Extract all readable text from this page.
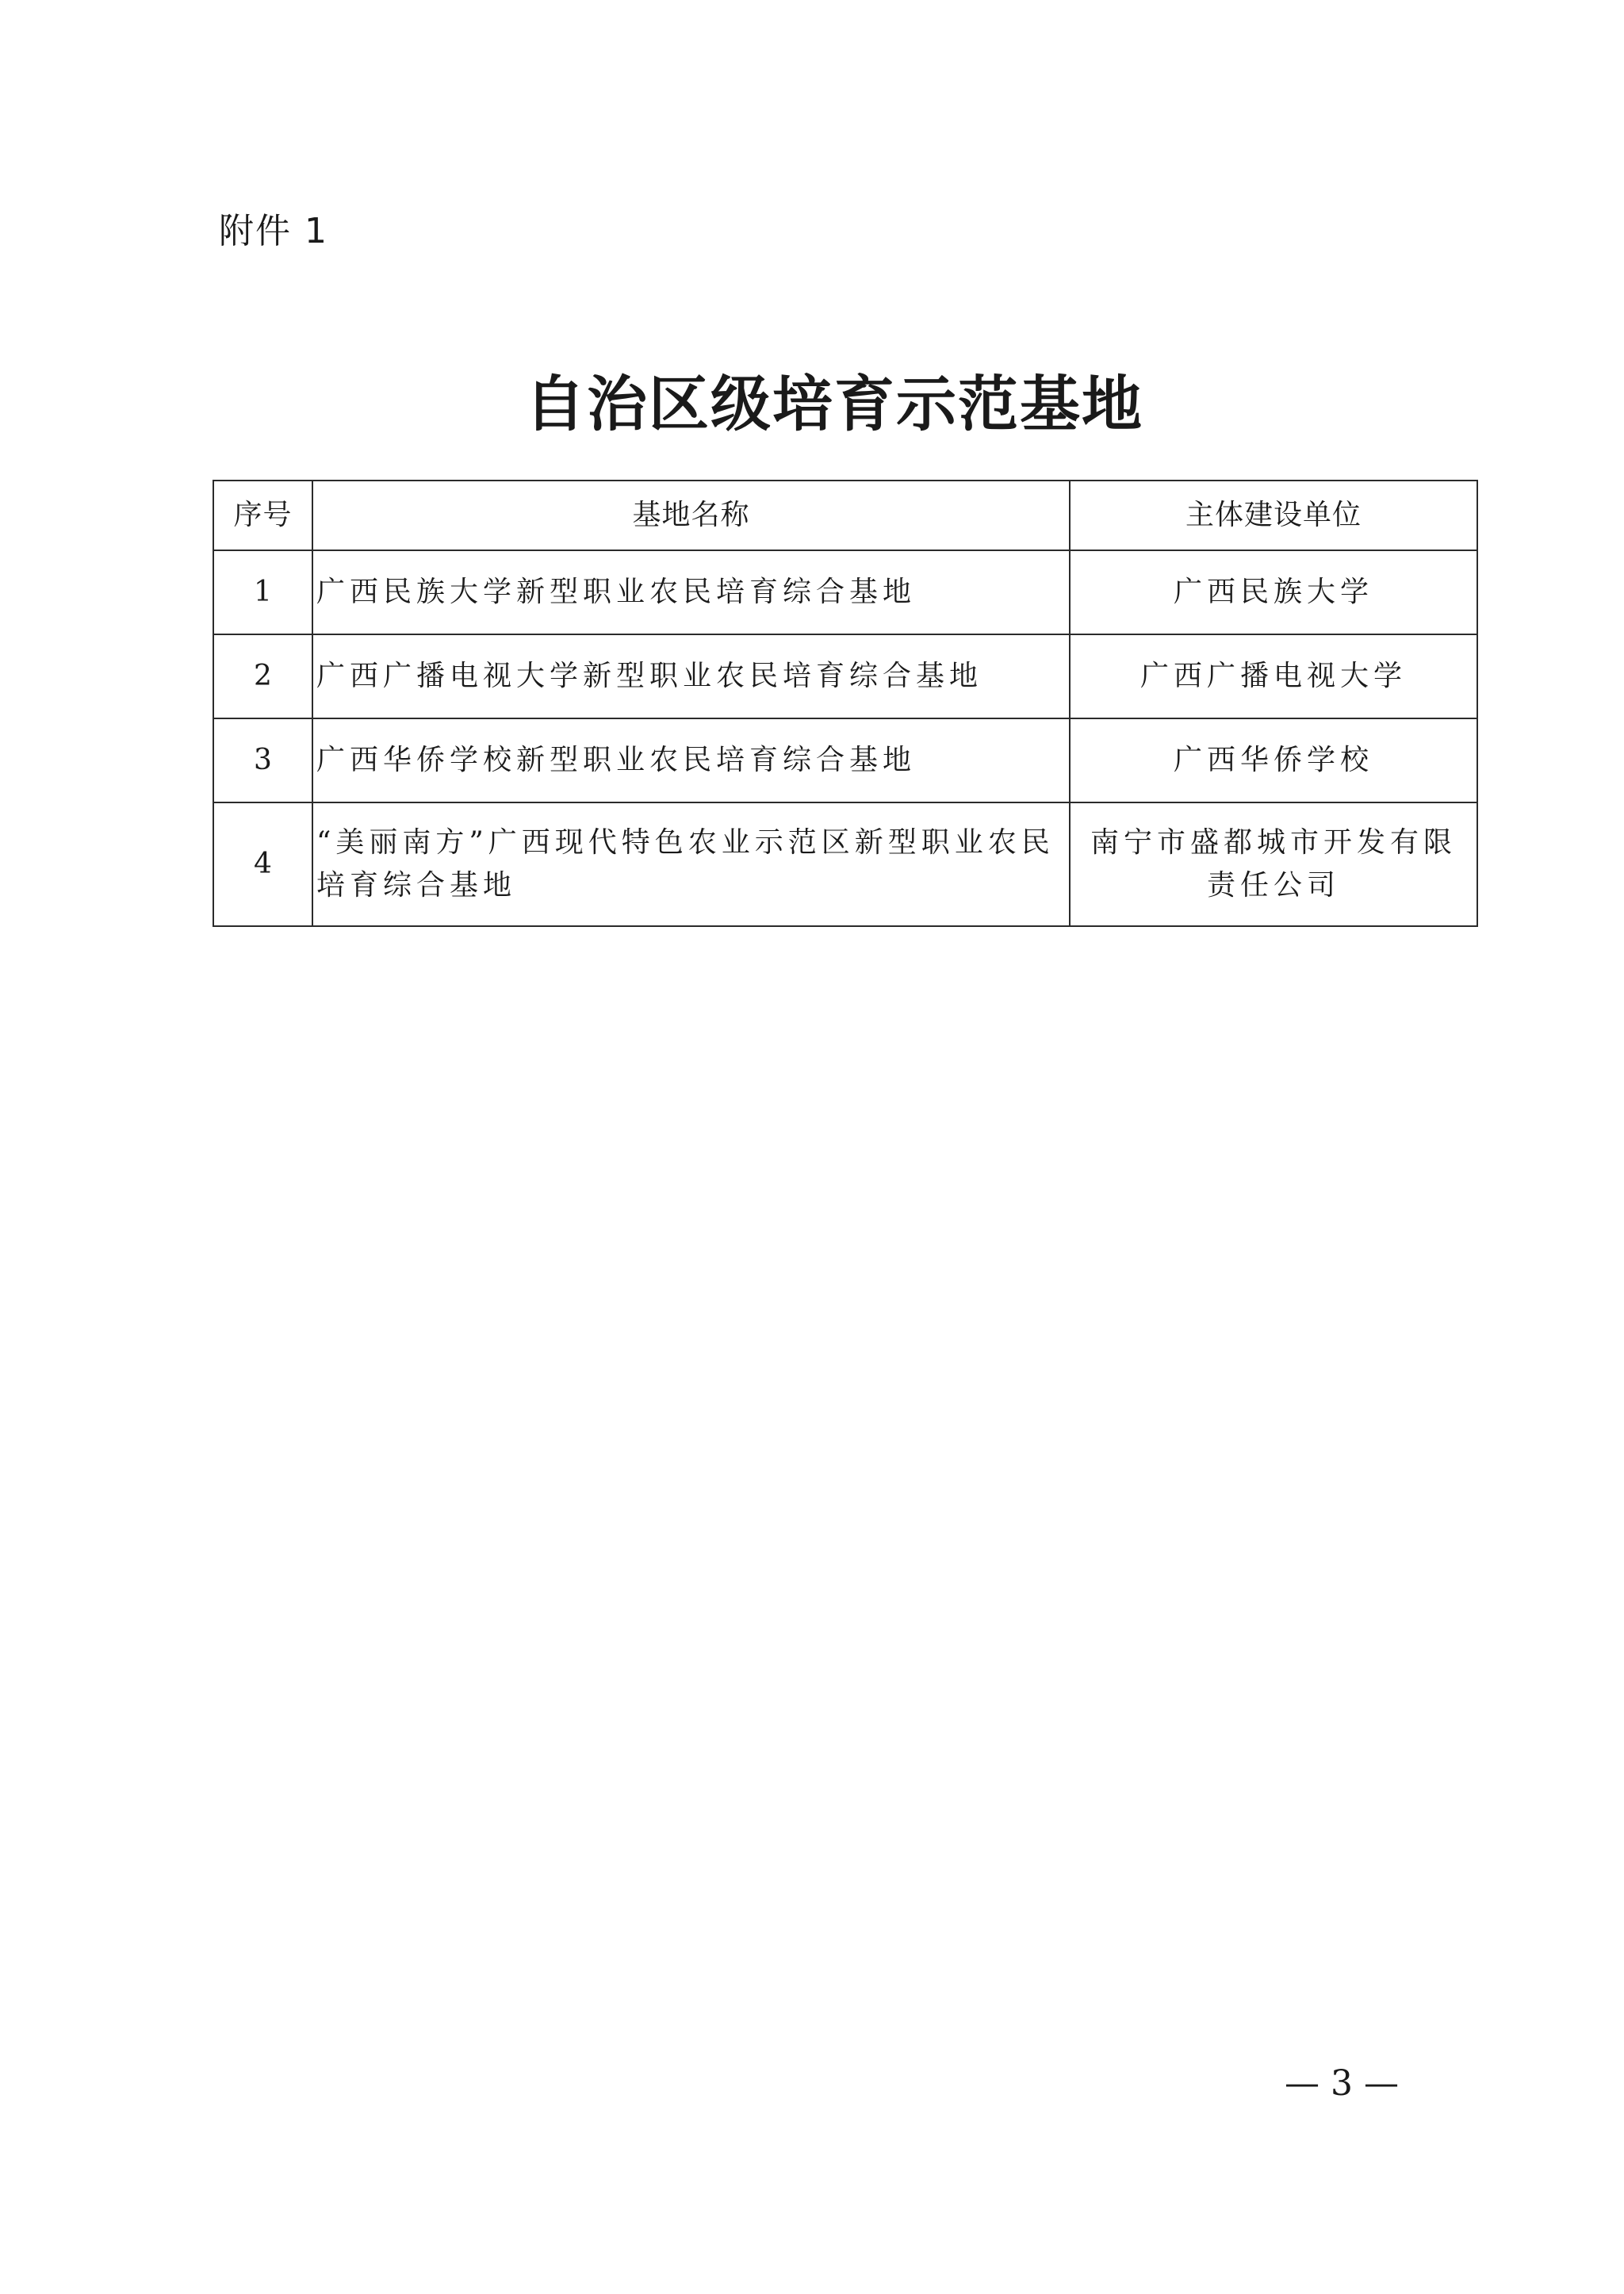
附件 1
自治区级培育示范基地
序号	基地名称	主体建设单位
1	广西民族大学新型职业农民培育综合基地	广西民族大学
2	广西广播电视大学新型职业农民培育综合基地	广西广播电视大学
3	广西华侨学校新型职业农民培育综合基地	广西华侨学校
4	“美丽南方”广西现代特色农业示范区新型职业农民培育综合基地	南宁市盛都城市开发有限责任公司
— 3 —
